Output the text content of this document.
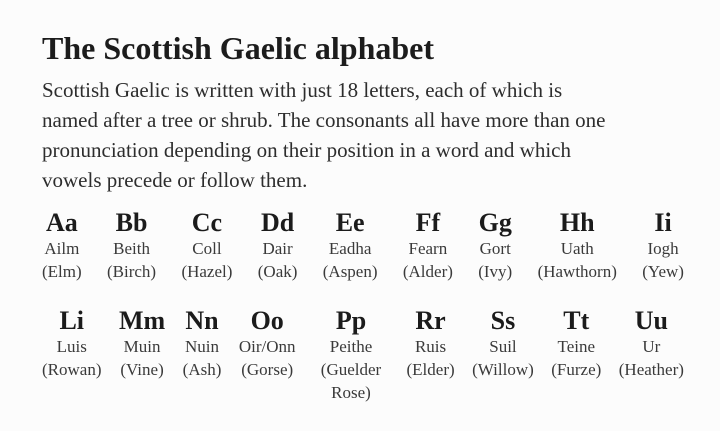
The Scottish Gaelic alphabet
Scottish Gaelic is written with just 18 letters, each of which is
named after a tree or shrub. The consonants all have more than one
pronunciation depending on their position in a word and which
vowels precede or follow them.
Aa
Ailm
(Elm)
Bb
Beith
(Birch)
Cc
Coll
(Hazel)
Dd
Dair
(Oak)
Ee
Eadha
(Aspen)
Ff
Fearn
(Alder)
Gg
Gort
(Ivy)
Hh
Uath
(Hawthorn)
Ii
Iogh
(Yew)
Li
Luis
(Rowan)
Mm
Muin
(Vine)
Nn
Nuin
(Ash)
Oo
Oir/Onn
(Gorse)
Pp
Peithe
(Guelder Rose)
Rr
Ruis
(Elder)
Ss
Suil
(Willow)
Tt
Teine
(Furze)
Uu
Ur
(Heather)
